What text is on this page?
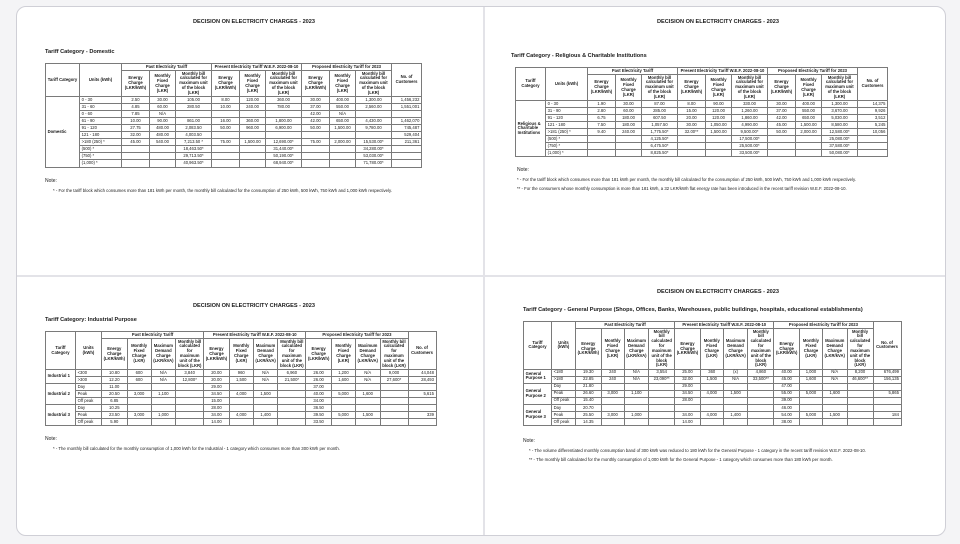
DECISION ON ELECTRICITY CHARGES - 2023
Tariff Category - Domestic
Tariff Category	Units (kWh)	Past Electricity Tariff			Present Electricity Tariff W.E.F. 2022-08-10			Proposed Electricity Tariff for 2023			No. of Customers
		Energy Charge (LKR/kWh)	Monthly Fixed Charge (LKR)	Monthly bill calculated for maximum unit of the block (LKR)	Energy Charge (LKR/kWh)	Monthly Fixed Charge (LKR)	Monthly bill calculated for maximum unit of the block (LKR)	Energy Charge (LKR/kWh)	Monthly Fixed Charge (LKR)	Monthly bill calculated for maximum unit of the block (LKR)	
Domestic	0 - 30	2.50	30.00	105.00	8.00	120.00	360.00	30.00	400.00	1,300.00	1,456,232
	31 - 60	4.85	60.00	280.50	10.00	240.00	780.00	37.00	550.00	2,560.00	1,551,001
	0 - 60	7.85	N/A					42.00	N/A		
	61 - 90	10.00	90.00	861.00	16.00	360.00	1,800.00	42.00	650.00	4,430.00	1,462,070
	91 - 120	27.75	480.00	2,083.50	50.00	960.00	6,900.00	50.00	1,500.00	9,780.00	745,487
	121 - 180	32.00	480.00	4,003.50							529,404
	>180 (250) *	45.00	540.00	7,213.50 *	75.00	1,500.00	12,690.00*	75.00	2,000.00	15,530.00*	211,361
	(500) *			18,463.50*			31,440.00*			34,280.00*	
	(750) *			29,713.50*			50,190.00*			53,030.00*	
	(1,000) *			40,963.50*			68,940.00*			71,780.00*	
Note:
* - For the tariff block which consumes more than 181 kWh per month, the monthly bill calculated for the consumption of 250 kWh, 500 kWh, 750 kWh and 1,000 kWh respectively.
DECISION ON ELECTRICITY CHARGES - 2023
Tariff Category - Religious & Charitable Institutions
Tariff Category	Units (kWh)	Past Electricity Tariff			Present Electricity Tariff W.E.F. 2022-08-10			Proposed Electricity Tariff for 2023			No. of Customers
		Energy Charge (LKR/kWh)	Monthly Fixed Charge (LKR)	Monthly bill calculated for maximum unit of the block (LKR)	Energy Charge (LKR/kWh)	Monthly Fixed Charge (LKR)	Monthly bill calculated for maximum unit of the block (LKR)	Energy Charge (LKR/kWh)	Monthly Fixed Charge (LKR)	Monthly bill calculated for maximum unit of the block (LKR)	
Religious & Charitable Institutions	0 - 30	1.90	30.00	87.00	8.00	90.00	330.00	30.00	400.00	1,300.00	14,375
	31 - 90	2.80	60.00	285.00	15.00	120.00	1,260.00	37.00	550.00	3,670.00	9,926
	91 - 120	6.75	180.00	607.50	20.00	120.00	1,860.00	42.00	650.00	5,030.00	3,512
	121 - 180	7.50	180.00	1,057.50	30.00	1,050.00	4,990.00	45.00	1,500.00	8,580.00	5,245
	>181 (250) *	9.40	240.00	1,775.50*	32.00**	1,500.00	9,500.00*	50.00	2,000.00	12,580.00*	10,056
	(500) *			4,125.50*			17,500.00*			25,080.00*	
	(750) *			6,475.50*			25,500.00*			37,580.00*	
	(1,000) *			8,825.50*			33,500.00*			50,080.00*	
Note:
* - For the tariff block which consumes more than 181 kWh per month, the monthly bill calculated for the consumption of 250 kWh, 500 kWh, 750 kWh and 1,000 kWh respectively.
** - For the consumers whose monthly consumption is more than 181 kWh, a 32 LKR/kWh flat energy rate has been introduced in the recent tariff revision W.E.F. 2022-08-10.
DECISION ON ELECTRICITY CHARGES - 2023
Tariff Category: Industrial Purpose
Tariff Category	Units (kWh)	Past Electricity Tariff				Present Electricity Tariff W.E.F. 2022-08-10				Proposed Electricity Tariff for 2023				No. of Customers
		Energy Charge (LKR/kWh)	Monthly Fixed Charge (LKR)	Maximum Demand Charge (LKR/kVA)	Monthly bill calculated for maximum unit of the block (LKR)	Energy Charge (LKR/kWh)	Monthly Fixed Charge (LKR)	Maximum Demand Charge (LKR/kVA)	Monthly bill calculated for maximum unit of the block (LKR)	Energy Charge (LKR/kWh)	Monthly Fixed Charge (LKR)	Maximum Demand Charge (LKR/kVA)	Monthly bill calculated for maximum unit of the block (LKR)	
Industrial 1	<300	10.80	600	N/A	3,840	20.00	960	N/A	6,960	26.00	1,200	N/A	9,000	44,048
	>300	12.20	600	N/A	12,800*	20.00	1,500	N/A	21,500*	26.00	1,600	N/A	27,600*	28,493
Industrial 2	Day	11.00				29.00				37.00				
	Peak	20.50	3,000	1,100		34.50	4,000	1,500		40.00	5,000	1,600		5,615
	Off peak	6.85				15.00				34.00				
Industrial 3	Day	10.25				28.00				36.50				
	Peak	23.50	3,000	1,000		34.00	4,000	1,400		39.50	5,000	1,500		339
	Off peak	5.90				14.00				33.50				
Note:
* - The monthly bill calculated for the monthly consumption of 1,000 kWh for the Industrial - 1 category which consumes more than 300 kWh per month.
DECISION ON ELECTRICITY CHARGES - 2023
Tariff Category - General Purpose (Shops, Offices, Banks, Warehouses, public buildings, hospitals, educational establishments)
Tariff Category	Units (kWh)	Past Electricity Tariff				Present Electricity Tariff W.E.F. 2022-08-10				Proposed Electricity Tariff for 2023				No. of Customers
		Energy Charge (LKR/kWh)	Monthly Fixed Charge (LKR)	Maximum Demand Charge (LKR/kVA)	Monthly bill calculated for maximum unit of the block (LKR)	Energy Charge (LKR/kWh)	Monthly Fixed Charge (LKR)	Maximum Demand Charge (LKR/kVA)	Monthly bill calculated for maximum unit of the block (LKR)	Energy Charge (LKR/kWh)	Monthly Fixed Charge (LKR)	Maximum Demand Charge (LKR/kVA)	Monthly bill calculated for maximum unit of the block (LKR)	
General Purpose 1	<180	19.30	240	N/A	3,554	25.00	360	(x)	4,860	40.00	1,000	N/A	8,200	676,499
	>180	22.85	240	N/A	23,090**	32.00	1,500	N/A	33,500**	45.00	1,600	N/A	46,600**	156,135
General Purpose 2	Day	21.80				29.00				47.00				
	Peak	26.60	3,000	1,100		34.50	4,000	1,500		55.00	5,000	1,600		5,865
	Off peak	15.40				28.00				39.00				
General Purpose 3	Day	20.70								46.00				
	Peak	25.50	3,000	1,000		34.00	4,000	1,400		54.00	5,000	1,500		184
	Off peak	14.35				14.00				38.00				
Note:
* - The volume differentiated monthly consumption band of 300 kWh was reduced to 180 kWh for the General Purpose - 1 category in the recent tariff revision W.E.F. 2022-08-10.
** - The monthly bill calculated for the monthly consumption of 1,000 kWh for the General Purpose - 1 category which consumes more than 180 kWh per month.
